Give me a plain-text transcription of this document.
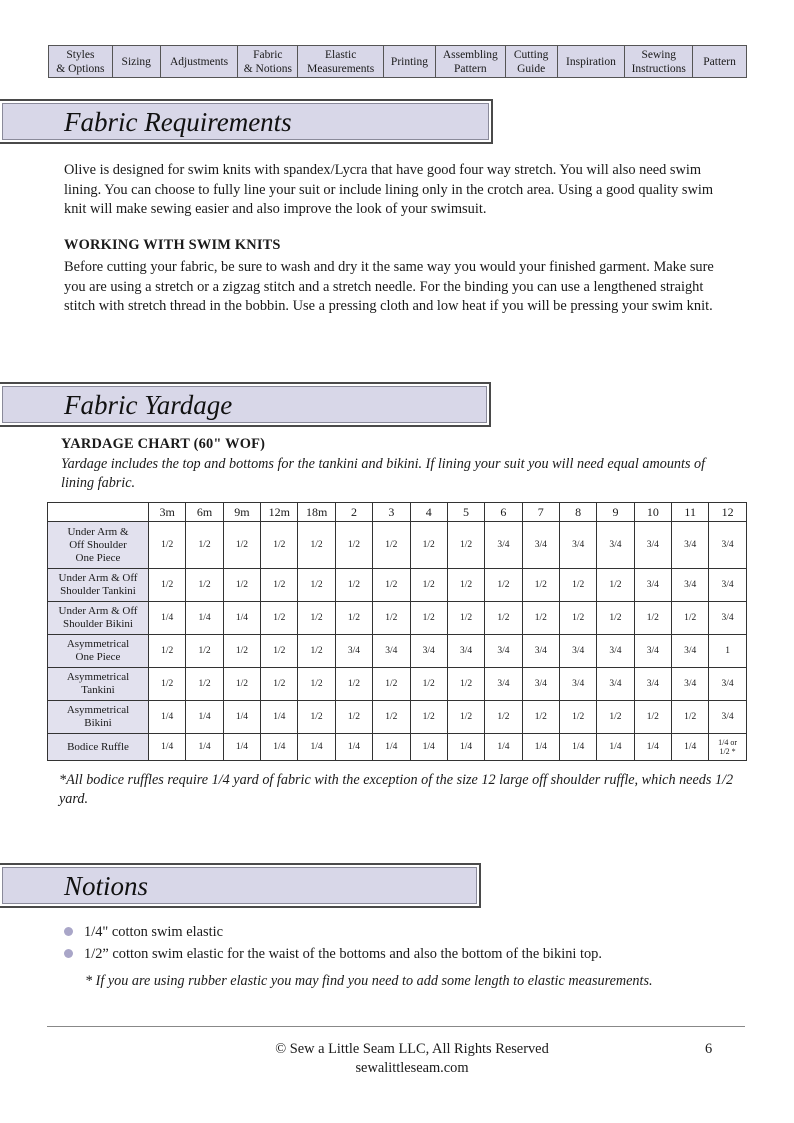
Styles
& Options
Sizing	Adjustments
Fabric
& Notions
Elastic
Measurements
Printing
Assembling
Pattern
Cutting
Guide
Inspiration
Sewing
Instructions
Pattern
Fabric Requirements
Olive is designed for swim knits with spandex/Lycra that have good four way stretch. You will also need swim lining. You can choose to fully line your suit or include lining only in the crotch area. Using a good quality swim knit will make sewing easier and also improve the look of your swimsuit.
WORKING WITH SWIM KNITS
Before cutting your fabric, be sure to wash and dry it the same way you would your finished garment. Make sure you are using a stretch or a zigzag stitch and a stretch needle. For the binding you can use a lengthened straight stitch with stretch thread in the bobbin. Use a pressing cloth and low heat if you will be pressing your swim knit.
Fabric Yardage
YARDAGE CHART (60" WOF)
Yardage includes the top and bottoms for the tankini and bikini. If lining your suit you will need equal amounts of lining fabric.
	3m	6m	9m	12m	18m	2	3	4	5	6	7	8	9	10	11	12
Under Arm &
Off Shoulder
One Piece	1/2	1/2	1/2	1/2	1/2	1/2	1/2	1/2	1/2	3/4	3/4	3/4	3/4	3/4	3/4	3/4
Under Arm & Off
Shoulder Tankini	1/2	1/2	1/2	1/2	1/2	1/2	1/2	1/2	1/2	1/2	1/2	1/2	1/2	3/4	3/4	3/4
Under Arm & Off
Shoulder Bikini	1/4	1/4	1/4	1/2	1/2	1/2	1/2	1/2	1/2	1/2	1/2	1/2	1/2	1/2	1/2	3/4
Asymmetrical
One Piece	1/2	1/2	1/2	1/2	1/2	3/4	3/4	3/4	3/4	3/4	3/4	3/4	3/4	3/4	3/4	1
Asymmetrical
Tankini	1/2	1/2	1/2	1/2	1/2	1/2	1/2	1/2	1/2	3/4	3/4	3/4	3/4	3/4	3/4	3/4
Asymmetrical
Bikini	1/4	1/4	1/4	1/4	1/2	1/2	1/2	1/2	1/2	1/2	1/2	1/2	1/2	1/2	1/2	3/4
Bodice Ruffle	1/4	1/4	1/4	1/4	1/4	1/4	1/4	1/4	1/4	1/4	1/4	1/4	1/4	1/4	1/4	1/4 or
1/2 *
*All bodice ruffles require 1/4 yard of fabric with the exception of the size 12 large off shoulder ruffle, which needs 1/2 yard.
Notions
1/4" cotton swim elastic
1/2” cotton swim elastic for the waist of the bottoms and also the bottom of the bikini top.
* If you are using rubber elastic you may find you need to add some length to elastic measurements.
© Sew a Little Seam LLC, All Rights Reserved
sewalittleseam.com
6
